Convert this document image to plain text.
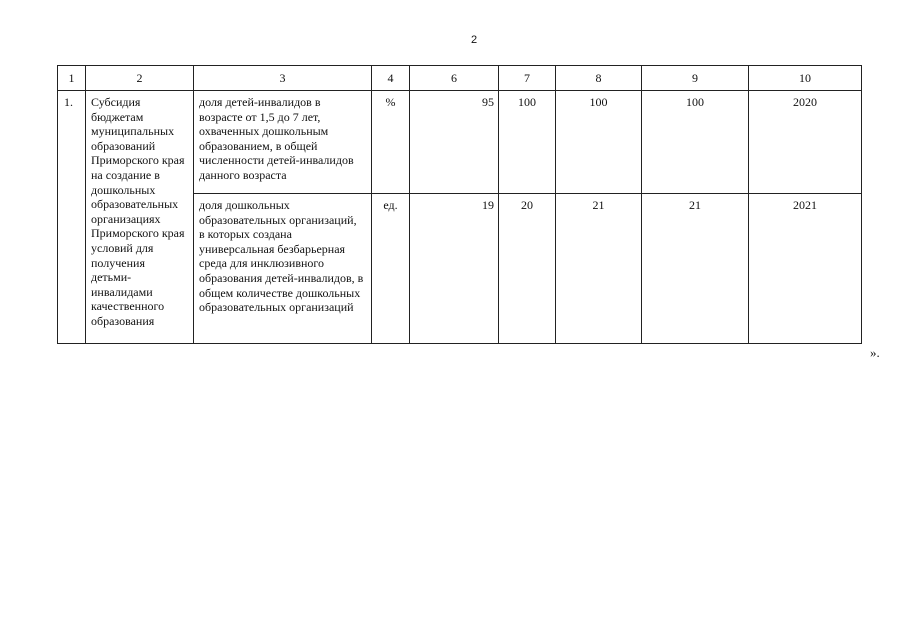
2
1	2	3	4	6	7	8	9	10
1.	Субсидия бюджетам муниципальных образований Приморского края на создание в дошкольных образовательных организациях Приморского края условий для получения детьми-инвалидами качественного образования	доля детей-инвалидов в возрасте от 1,5 до 7 лет, охваченных дошкольным образованием, в общей численности детей-инвалидов данного возраста	%	95	100	100	100	2020
		доля дошкольных образовательных организаций, в которых создана универсальная безбарьерная среда для инклюзивного образования детей-инвалидов, в общем количестве дошкольных образовательных организаций	ед.	19	20	21	21	2021
».
